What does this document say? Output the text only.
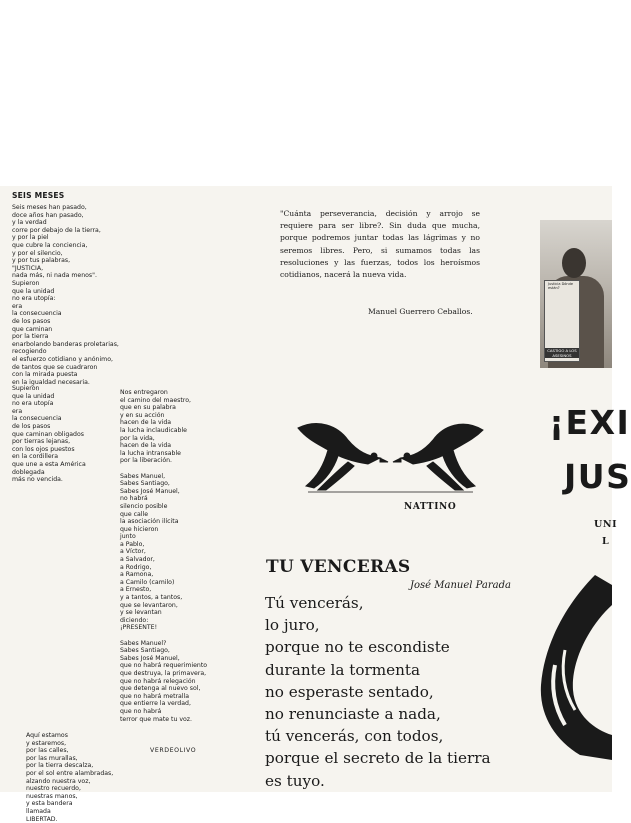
SEIS MESES

Seis meses han pasado,
doce años han pasado,
y la verdad
corre por debajo de la tierra,
y por la piel
que cubre la conciencia,
y por el silencio,
y por tus palabras,
"JUSTICIA,
nada más, ni nada menos".

Supieron
que la unidad
no era utopía:
era
la consecuencia
de los pasos
que caminan
por la tierra
enarbolando banderas proletarias,
recogiendo
el esfuerzo cotidiano y anónimo,
de tantos que se cuadraron
con la mirada puesta
en la igualdad necesaria.

Supieron
que la unidad
no era utopía
era
la consecuencia
de los pasos
que caminan obligados
por tierras lejanas,
con los ojos puestos
en la cordillera
que une a esta América
doblegada
más no vencida.

Nos entregaron
el camino del maestro,
que en su palabra
y en su acción
hacen de la vida
la lucha inclaudicable
por la vida,
hacen de la vida
la lucha intransable
por la liberación.

Sabes Manuel,
Sabes Santiago,
Sabes José Manuel,
no habrá
silencio posible
que calle
la asociación ilícita
que hicieron
junto
a Pablo,
a Víctor,
a Salvador,
a Rodrigo,
a Ramona,
a Camilo (camilo)
a Ernesto,
y a tantos, a tantos,
que se levantaron,
y se levantan
diciendo:
¡PRESENTE!

Sabes Manuel?
Sabes Santiago,
Sabes José Manuel,
que no habrá requerimiento
que destruya, la primavera,
que no habrá relegación
que detenga al nuevo sol,
que no habrá metralla
que entierre la verdad,
que no habrá
terror que mate tu voz.

Aquí estamos
y estaremos,
por las calles,
por las murallas,
por la tierra descalza,
por el sol entre alambradas,
alzando nuestra voz,
nuestro recuerdo,
nuestras manos,
y esta bandera
llamada
LIBERTAD.

VERDEOLIVO

"Cuánta perseverancia, decisión y arrojo se requiere para ser libre?. Sin duda que mucha, porque podremos juntar todas las lágrimas y no seremos libres. Pero, si sumamos todas las resoluciones y las fuerzas, todos los heroísmos cotidianos, nacerá la nueva vida.

Manuel Guerrero Ceballos.
NATTINO
TU VENCERAS
José Manuel Parada

Tú vencerás,
lo juro,
porque no te escondiste
durante la tormenta
no esperaste sentado,
no renunciaste a nada,
tú vencerás, con todos,
porque el secreto de la tierra
es tuyo.

Justicia Dónde están?
CASTIGO A LOS ASESINOS
¡EXI
JUS
UNI
L
